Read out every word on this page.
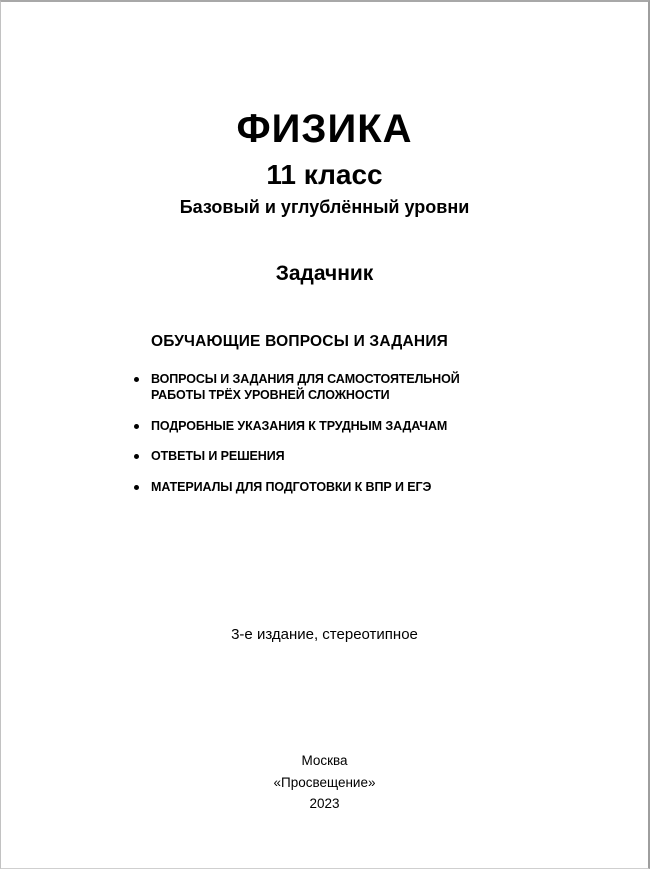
ФИЗИКА
11 класс
Базовый и углублённый уровни
Задачник
ОБУЧАЮЩИЕ ВОПРОСЫ И ЗАДАНИЯ
ВОПРОСЫ И ЗАДАНИЯ ДЛЯ САМОСТОЯТЕЛЬНОЙ РАБОТЫ ТРЁХ УРОВНЕЙ СЛОЖНОСТИ
ПОДРОБНЫЕ УКАЗАНИЯ К ТРУДНЫМ ЗАДАЧАМ
ОТВЕТЫ И РЕШЕНИЯ
МАТЕРИАЛЫ ДЛЯ ПОДГОТОВКИ К ВПР И ЕГЭ
3-е издание, стереотипное
Москва
«Просвещение»
2023
